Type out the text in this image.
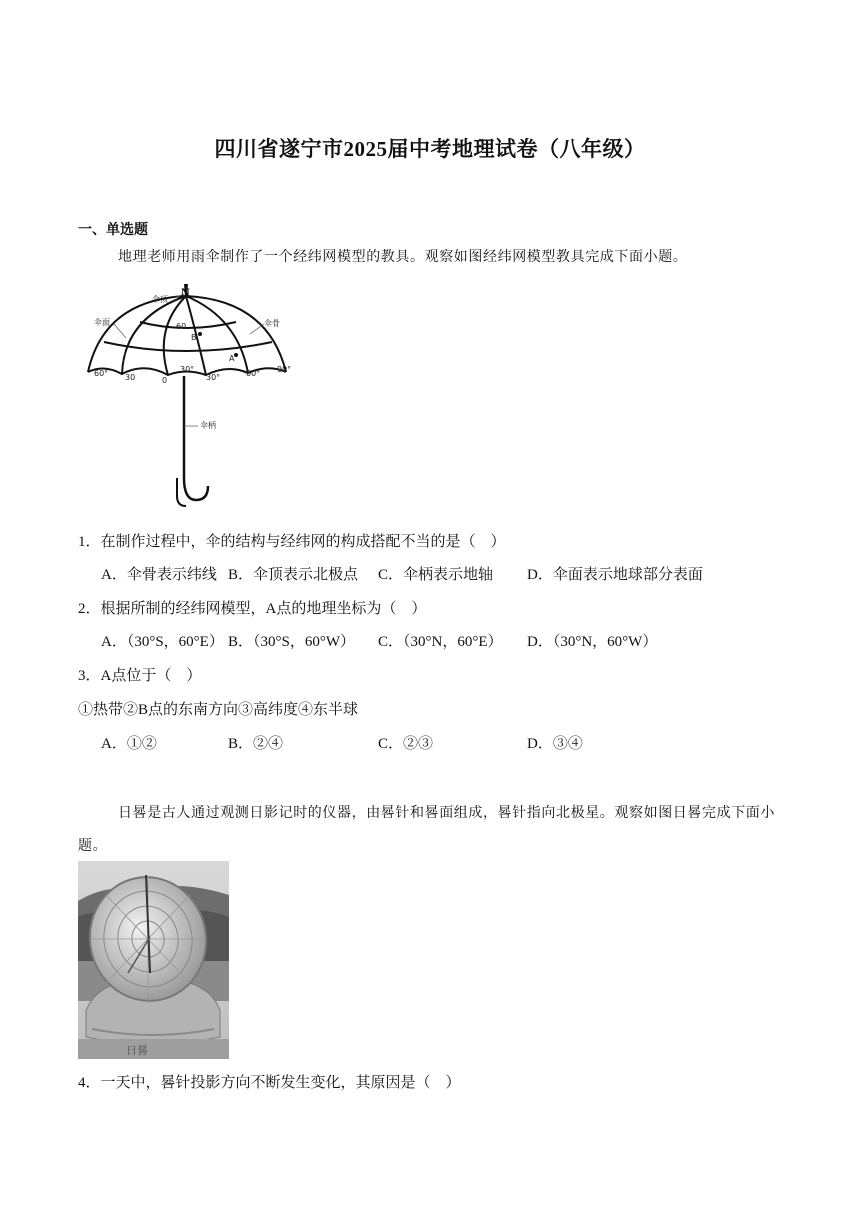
四川省遂宁市2025届中考地理试卷（八年级）
一、单选题
地理老师用雨伞制作了一个经纬网模型的教具。观察如图经纬网模型教具完成下面小题。
N
伞顶
伞面	伞骨
伞柄
60
B
30°
A
60° 30	0	30°	60° 90°
1．在制作过程中，伞的结构与经纬网的构成搭配不当的是（　）
A．伞骨表示纬线 B．伞顶表示北极点 C．伞柄表示地轴 D．伞面表示地球部分表面
2．根据所制的经纬网模型，A点的地理坐标为（　）
A．（30°S，60°E） B．（30°S，60°W） C．（30°N，60°E） D．（30°N，60°W）
3．A点位于（　）
①热带②B点的东南方向③高纬度④东半球
A．①②	B．②④	C．②③	D．③④
日晷是古人通过观测日影记时的仪器，由晷针和晷面组成，晷针指向北极星。观察如图日晷完成下面小题。
日晷
4．一天中，晷针投影方向不断发生变化，其原因是（　）
